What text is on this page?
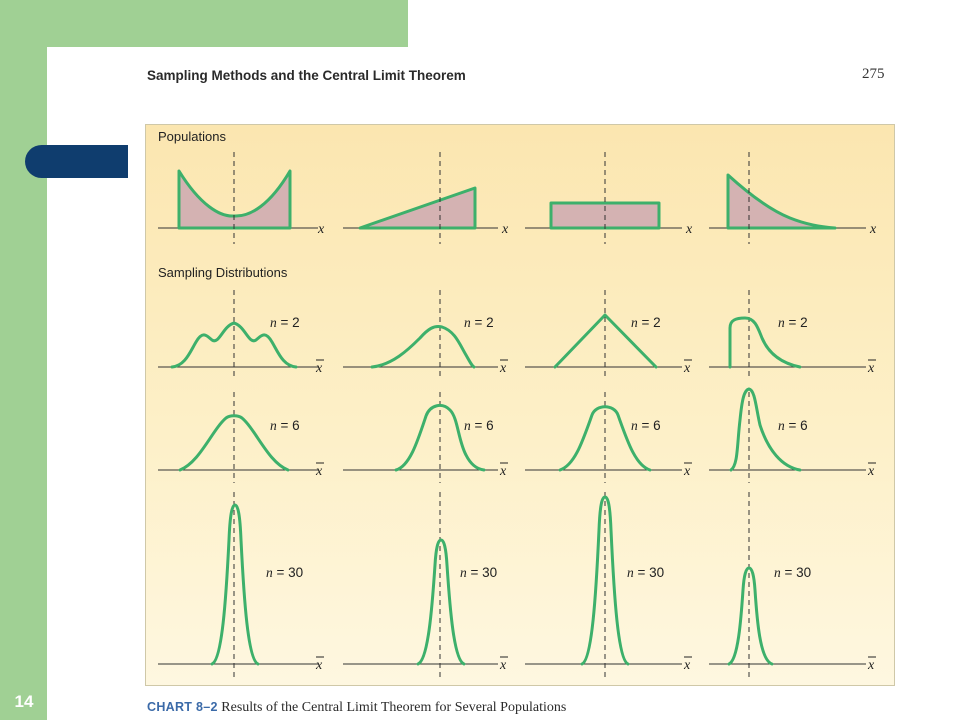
14
Sampling Methods and the Central Limit Theorem	275
Populations
Sampling Distributions
x	x	x	x
n = 2
x
n = 2
x
n = 2
x
n = 2
x
n = 6
x
n = 6
x
n = 6
x
n = 6
x
n = 30
x
n = 30
x
n = 30
x
n = 30
x
CHART 8–2 Results of the Central Limit Theorem for Several Populations
